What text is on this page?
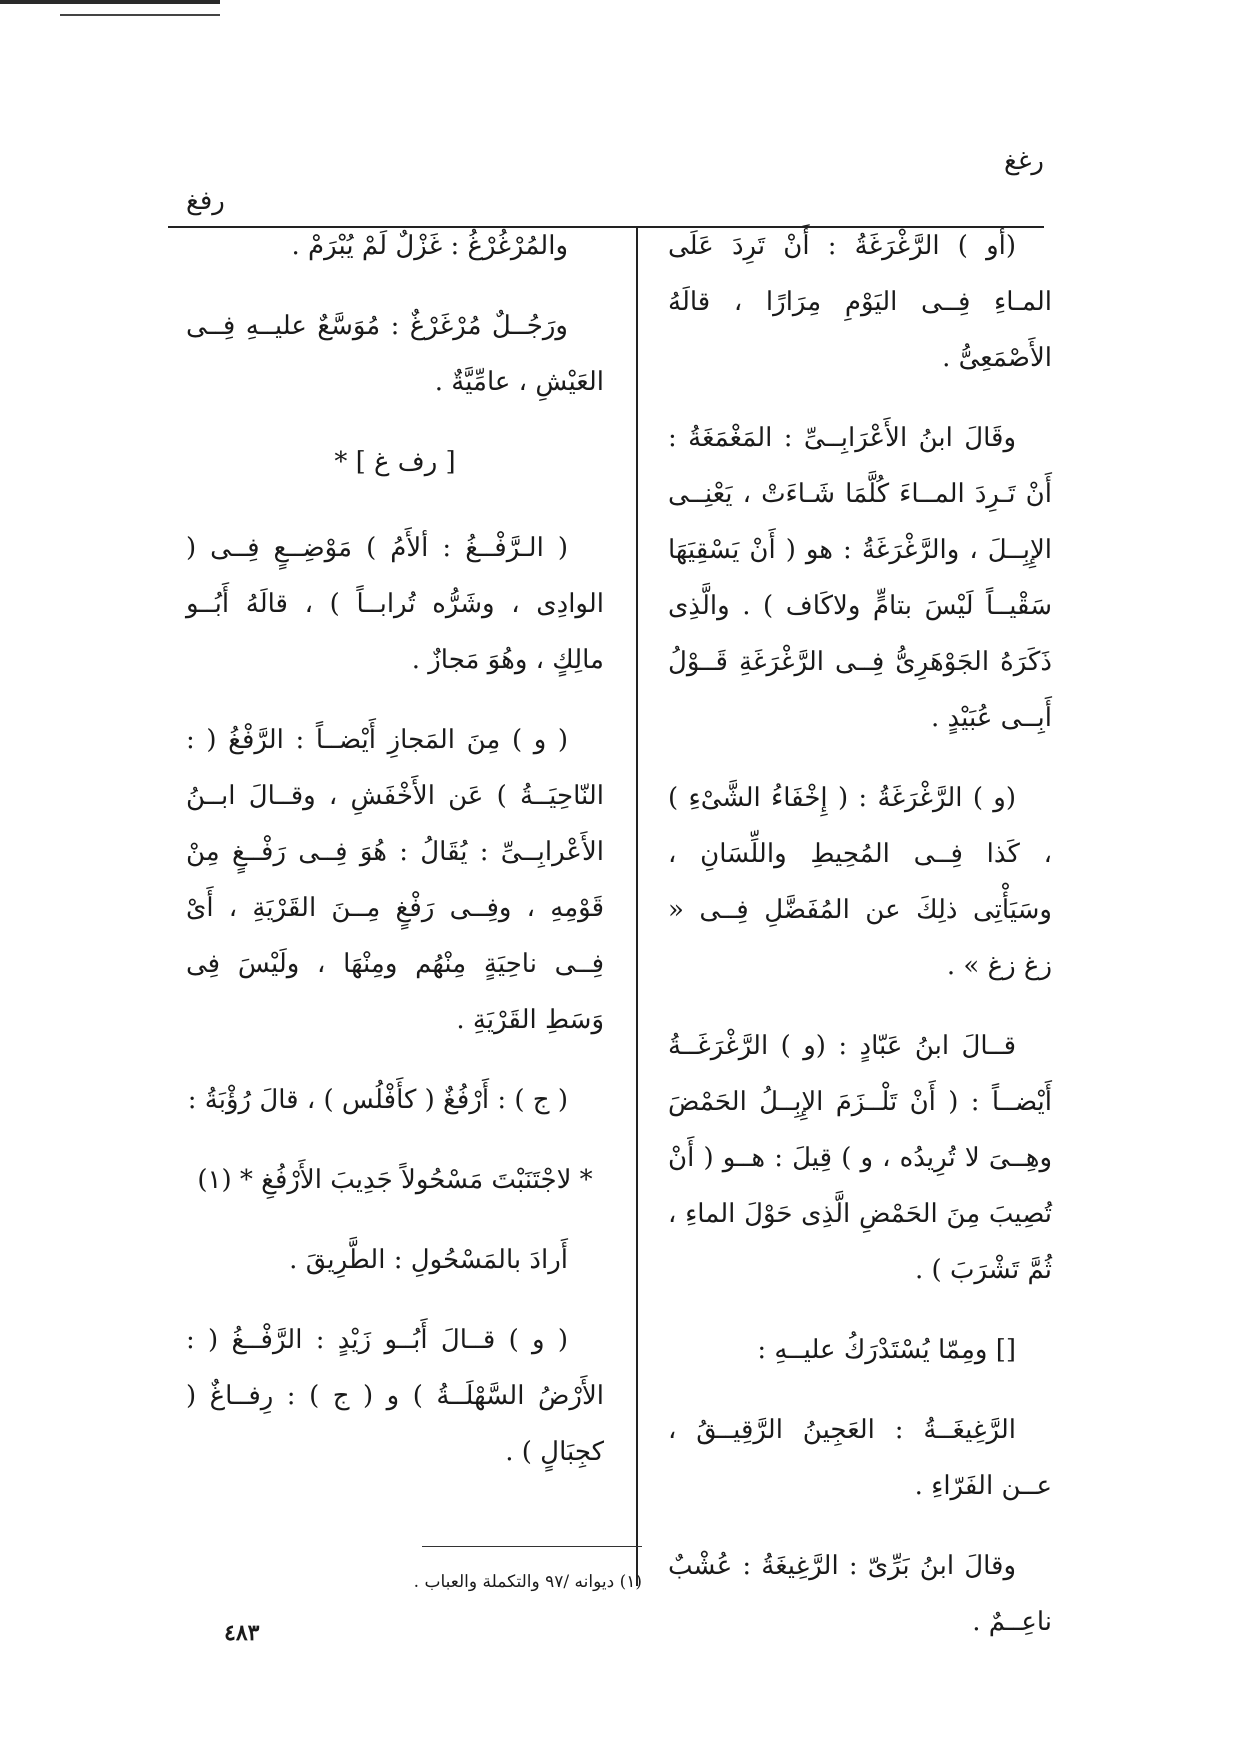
رغغ
رفغ

(أو ) الرَّغْرَغَةُ : أَنْ تَرِدَ عَلَى المـاءِ فِــى اليَوْمِ مِرَارًا ، قالَهُ الأَصْمَعِىُّ .

وقَالَ ابنُ الأَعْرَابِــىِّ : المَغْمَغَةُ : أَنْ تَـرِدَ المــاءَ كُلَّمَا شَـاءَتْ ، يَعْنِــى الإِبِــلَ ، والرَّغْرَغَةُ : هو ( أَنْ يَسْقِيَهَا سَقْيــاً لَيْسَ بتامٍّ ولاكَاف ) . والَّذِى ذَكَرَهُ الجَوْهَرِىُّ فِــى الرَّغْرَغَةِ قَــوْلُ أَبِــى عُبَيْدٍ .

(و ) الرَّغْرَغَةُ : ( إِخْفَاءُ الشَّىْءِ ) ، كَذا فِــى المُحِيطِ واللِّسَانِ ، وسَيَأْتِى ذلِكَ عن المُفَضَّلِ فِــى « زغ زغ » .

قــالَ ابنُ عَبّادٍ : (و ) الرَّغْرَغَــةُ أَيْضــاً : ( أَنْ تَلْــزَمَ الإِبِــلُ الحَمْضَ وهِــىَ لا تُرِيدُه ، و ) قِيلَ : هــو ( أَنْ تُصِيبَ مِنَ الحَمْضِ الَّذِى حَوْلَ الماءِ ، ثُمَّ تَشْرَبَ ) .

[] ومِمّا يُسْتَدْرَكُ عليــهِ :

الرَّغِيغَــةُ : العَجِينُ الرَّقِيــقُ ، عــن الفَرّاءِ .

وقالَ ابنُ بَرِّىّ : الرَّغِيغَةُ : عُشْبٌ ناعِــمٌ .

والمُرْغُرْغُ : غَزْلٌ لَمْ يُبْرَمْ .

ورَجُــلٌ مُرْغَرْغٌ : مُوَسَّعٌ عليــهِ فِــى العَيْشِ ، عامِّيَّةٌ .

[ رف غ ] *

( الـرَّفْــغُ : ألأَمُ ) مَوْضِــعٍ فِــى ( الوادِى ، وشَرُّه تُرابــاً ) ، قالَهُ أَبُــو مالِكٍ ، وهُوَ مَجازٌ .

( و ) مِنَ المَجازِ أَيْضــاً : الرَّفْغُ ( : النّاحِيَــةُ ) عَن الأَخْفَشِ ، وقــالَ ابــنُ الأَعْرابِــىِّ : يُقَالُ : هُوَ فِــى رَفْــغٍ مِنْ قَوْمِهِ ، وفِــى رَفْغٍ مِــنَ القَرْيَةِ ، أَىْ فِــى ناحِيَةٍ مِنْهُم ومِنْهَا ، ولَيْسَ فِى وَسَطِ القَرْيَةِ .

( ج ) : أَرْفُغٌ ( كأَفْلُس ) ، قالَ رُؤْبَةُ :

* لاجْتَنَبْتَ مَسْحُولاً جَدِيبَ الأَرْفُغِ * (١)

أَرادَ بالمَسْحُولِ : الطَّرِيقَ .

( و ) قــالَ أَبُــو زَيْدٍ : الرَّفْــغُ ( : الأَرْضُ السَّهْلَــةُ ) و ( ج ) : رِفــاغٌ ( كجِبَالٍ ) .

(١) ديوانه /٩٧ والتكملة والعباب .
٤٨٣
